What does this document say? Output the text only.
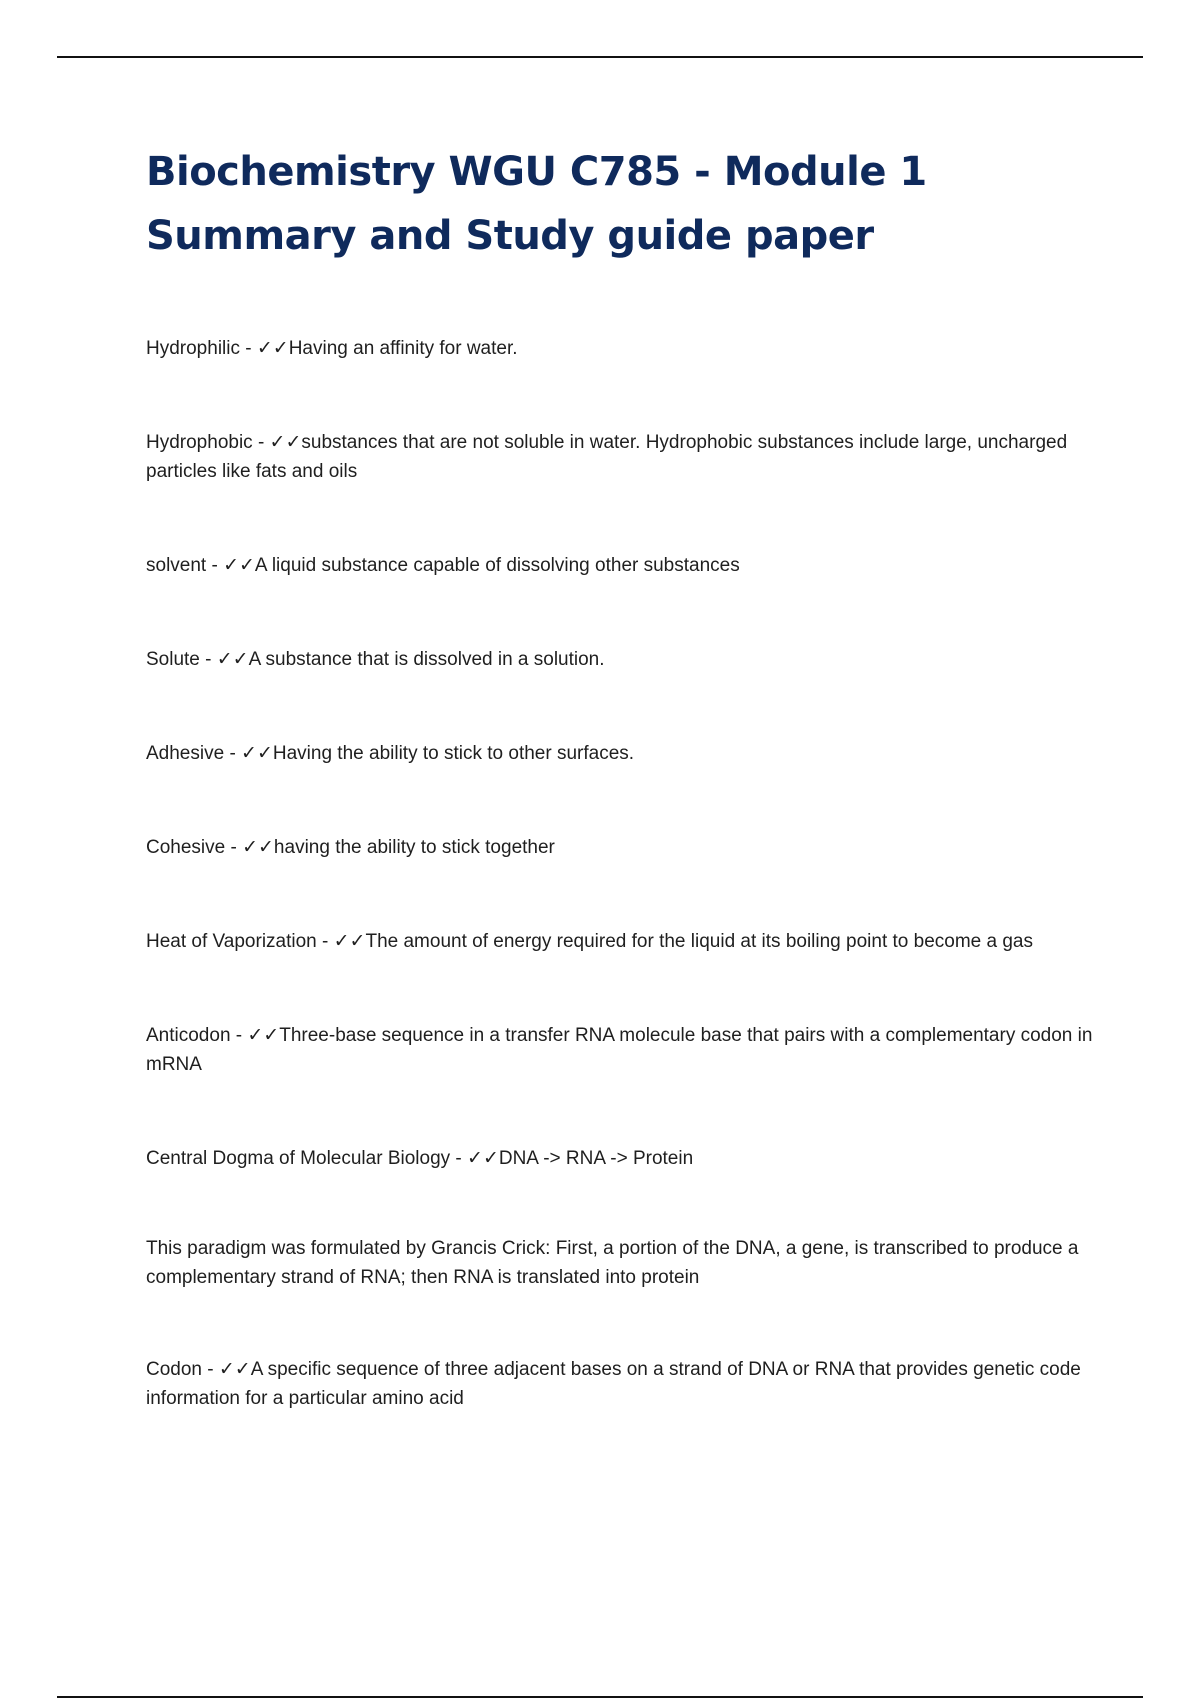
Biochemistry WGU C785 - Module 1 Summary and Study guide paper

Hydrophilic - ✓✓Having an affinity for water.

Hydrophobic - ✓✓substances that are not soluble in water. Hydrophobic substances include large, uncharged particles like fats and oils

solvent - ✓✓A liquid substance capable of dissolving other substances

Solute - ✓✓A substance that is dissolved in a solution.

Adhesive - ✓✓Having the ability to stick to other surfaces.

Cohesive - ✓✓having the ability to stick together

Heat of Vaporization - ✓✓The amount of energy required for the liquid at its boiling point to become a gas

Anticodon - ✓✓Three-base sequence in a transfer RNA molecule base that pairs with a complementary codon in mRNA

Central Dogma of Molecular Biology - ✓✓DNA -> RNA -> Protein

This paradigm was formulated by Grancis Crick: First, a portion of the DNA, a gene, is transcribed to produce a complementary strand of RNA; then RNA is translated into protein

Codon - ✓✓A specific sequence of three adjacent bases on a strand of DNA or RNA that provides genetic code information for a particular amino acid
